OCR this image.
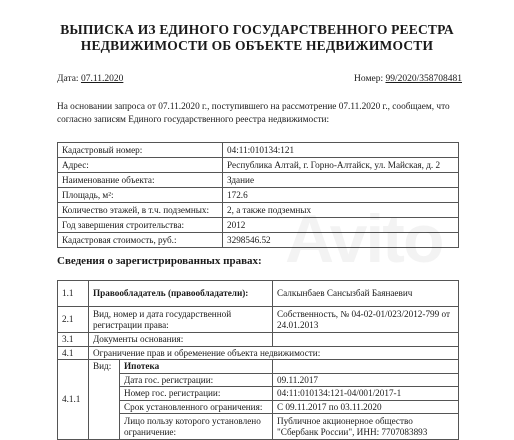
ВЫПИСКА ИЗ ЕДИНОГО ГОСУДАРСТВЕННОГО РЕЕСТРА
НЕДВИЖИМОСТИ ОБ ОБЪЕКТЕ НЕДВИЖИМОСТИ
Дата: 07.11.2020	Номер: 99/2020/358708481
На основании запроса от 07.11.2020 г., поступившего на рассмотрение 07.11.2020 г., сообщаем, что согласно записям Единого государственного реестра недвижимости:
Кадастровый номер:	04:11:010134:121
Адрес:	Республика Алтай, г. Горно-Алтайск, ул. Майская, д. 2
Наименование объекта:	Здание
Площадь, м²:	172.6
Количество этажей, в т.ч. подземных:	2, а также подземных
Год завершения строительства:	2012
Кадастровая стоимость, руб.:	3298546.52
Сведения о зарегистрированных правах:
1.1	Правообладатель (правообладатели):		Салкынбаев Сансызбай Баянаевич
2.1	Вид, номер и дата государственной регистрации права:		Собственность, № 04-02-01/023/2012-799 от 24.01.2013
3.1	Документы основания:		
4.1	Ограничение прав и обременение объекта недвижимости:		
4.1.1	Вид:	Ипотека	
		Дата гос. регистрации:	09.11.2017
		Номер гос. регистрации:	04:11:010134:121-04/001/2017-1
		Срок установленного ограничения:	С 09.11.2017 по 03.11.2020
		Лицо пользу которого установлено ограничение:	Публичное акционерное общество "Сбербанк России", ИНН: 7707083893
